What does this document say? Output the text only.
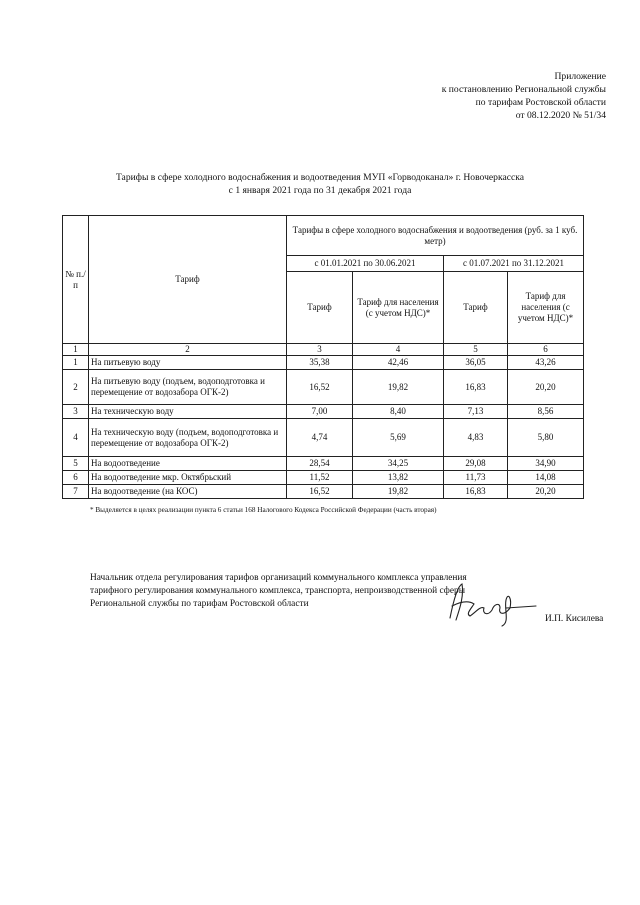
Приложение
к постановлению Региональной службы
по тарифам Ростовской области
от 08.12.2020 № 51/34
Тарифы в сфере холодного водоснабжения и водоотведения МУП «Горводоканал» г. Новочеркасска
с 1 января 2021 года по 31 декабря 2021 года
№ п./п	Тариф	Тарифы в сфере холодного водоснабжения и водоотведения (руб. за 1 куб. метр)			
		с 01.01.2021 по 30.06.2021		с 01.07.2021 по 31.12.2021	
		Тариф	Тариф для населения (с учетом НДС)*	Тариф	Тариф для населения (с учетом НДС)*
1	2	3	4	5	6
1	На питьевую воду	35,38	42,46	36,05	43,26
2	На питьевую воду (подъем, водоподготовка и перемещение от водозабора ОГК-2)	16,52	19,82	16,83	20,20
3	На техническую воду	7,00	8,40	7,13	8,56
4	На техническую воду (подъем, водоподготовка и перемещение от водозабора ОГК-2)	4,74	5,69	4,83	5,80
5	На водоотведение	28,54	34,25	29,08	34,90
6	На водоотведение мкр. Октябрьский	11,52	13,82	11,73	14,08
7	На водоотведение (на КОС)	16,52	19,82	16,83	20,20
* Выделяется в целях реализации пункта 6 статьи 168 Налогового Кодекса Российской Федерации (часть вторая)
Начальник отдела регулирования тарифов организаций коммунального комплекса управления тарифного регулирования коммунального комплекса, транспорта, непроизводственной сферы Региональной службы по тарифам Ростовской области
И.П. Кисилева
